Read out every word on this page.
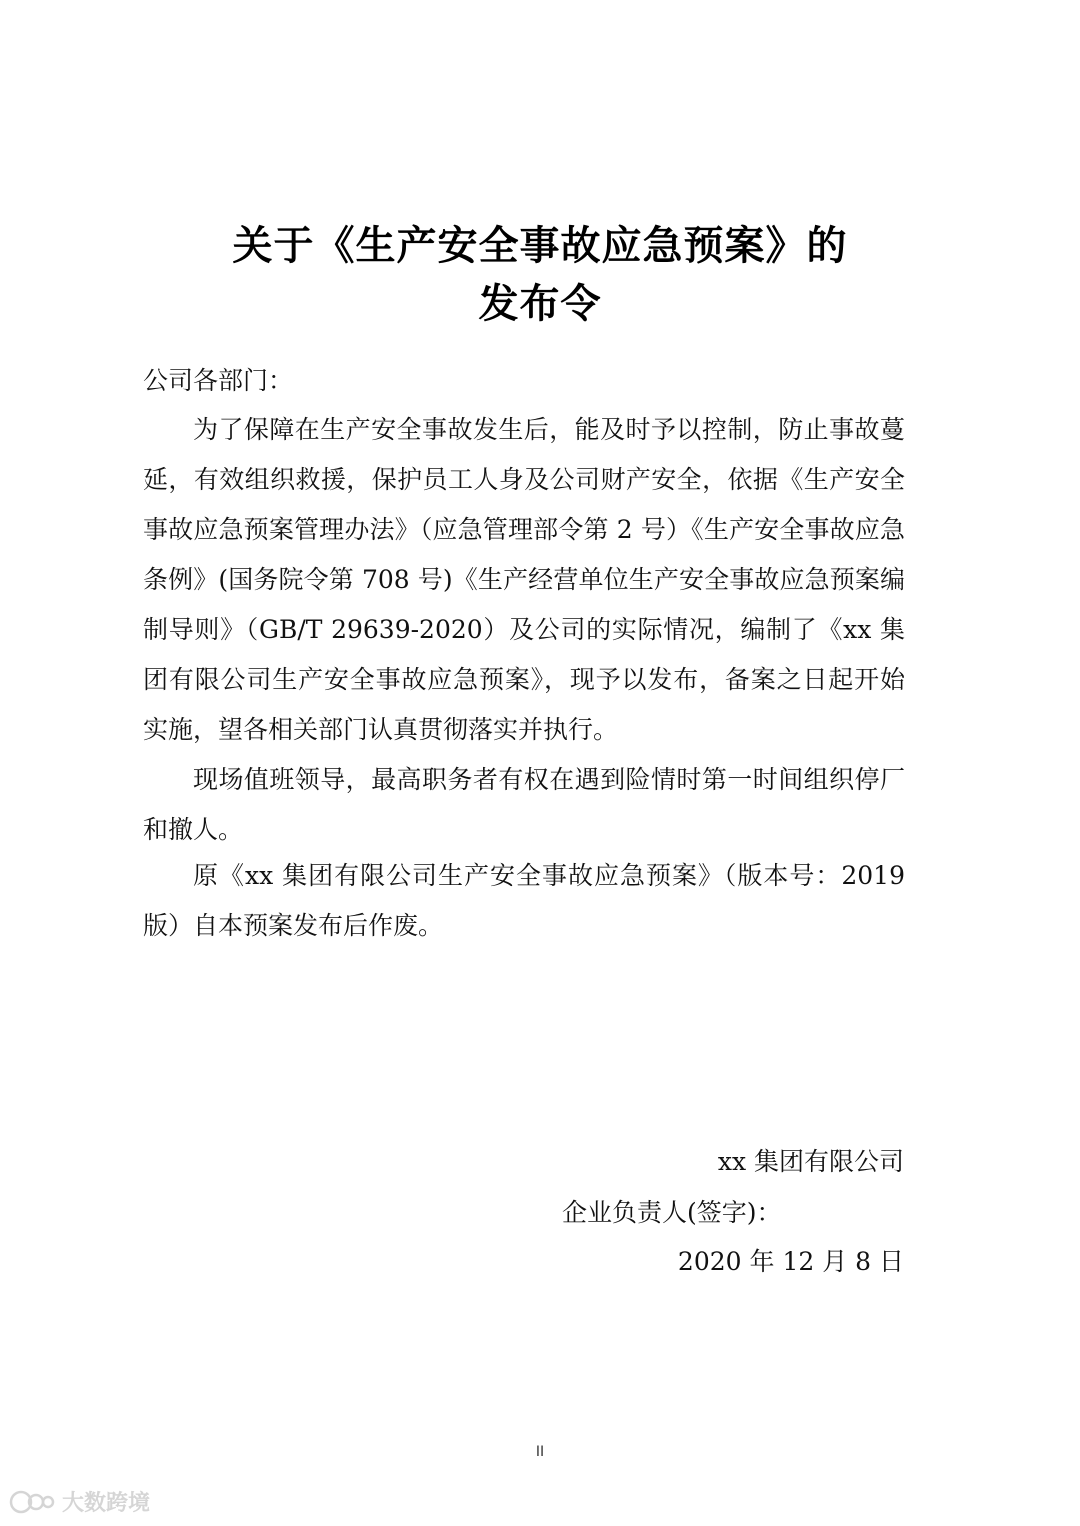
关于《生产安全事故应急预案》的
发布令
公司各部门：

为了保障在生产安全事故发生后，能及时予以控制，防止事故蔓延，有效组织救援，保护员工人身及公司财产安全，依据《生产安全事故应急预案管理办法》（应急管理部令第 2 号）《生产安全事故应急条例》(国务院令第 708 号)《生产经营单位生产安全事故应急预案编制导则》（GB/T 29639-2020）及公司的实际情况，编制了《xx 集团有限公司生产安全事故应急预案》，现予以发布，备案之日起开始实施，望各相关部门认真贯彻落实并执行。

现场值班领导，最高职务者有权在遇到险情时第一时间组织停厂和撤人。

原《xx 集团有限公司生产安全事故应急预案》（版本号：2019 版）自本预案发布后作废。

xx 集团有限公司
企业负责人(签字)：
2020 年 12 月 8 日
II
大数跨境
